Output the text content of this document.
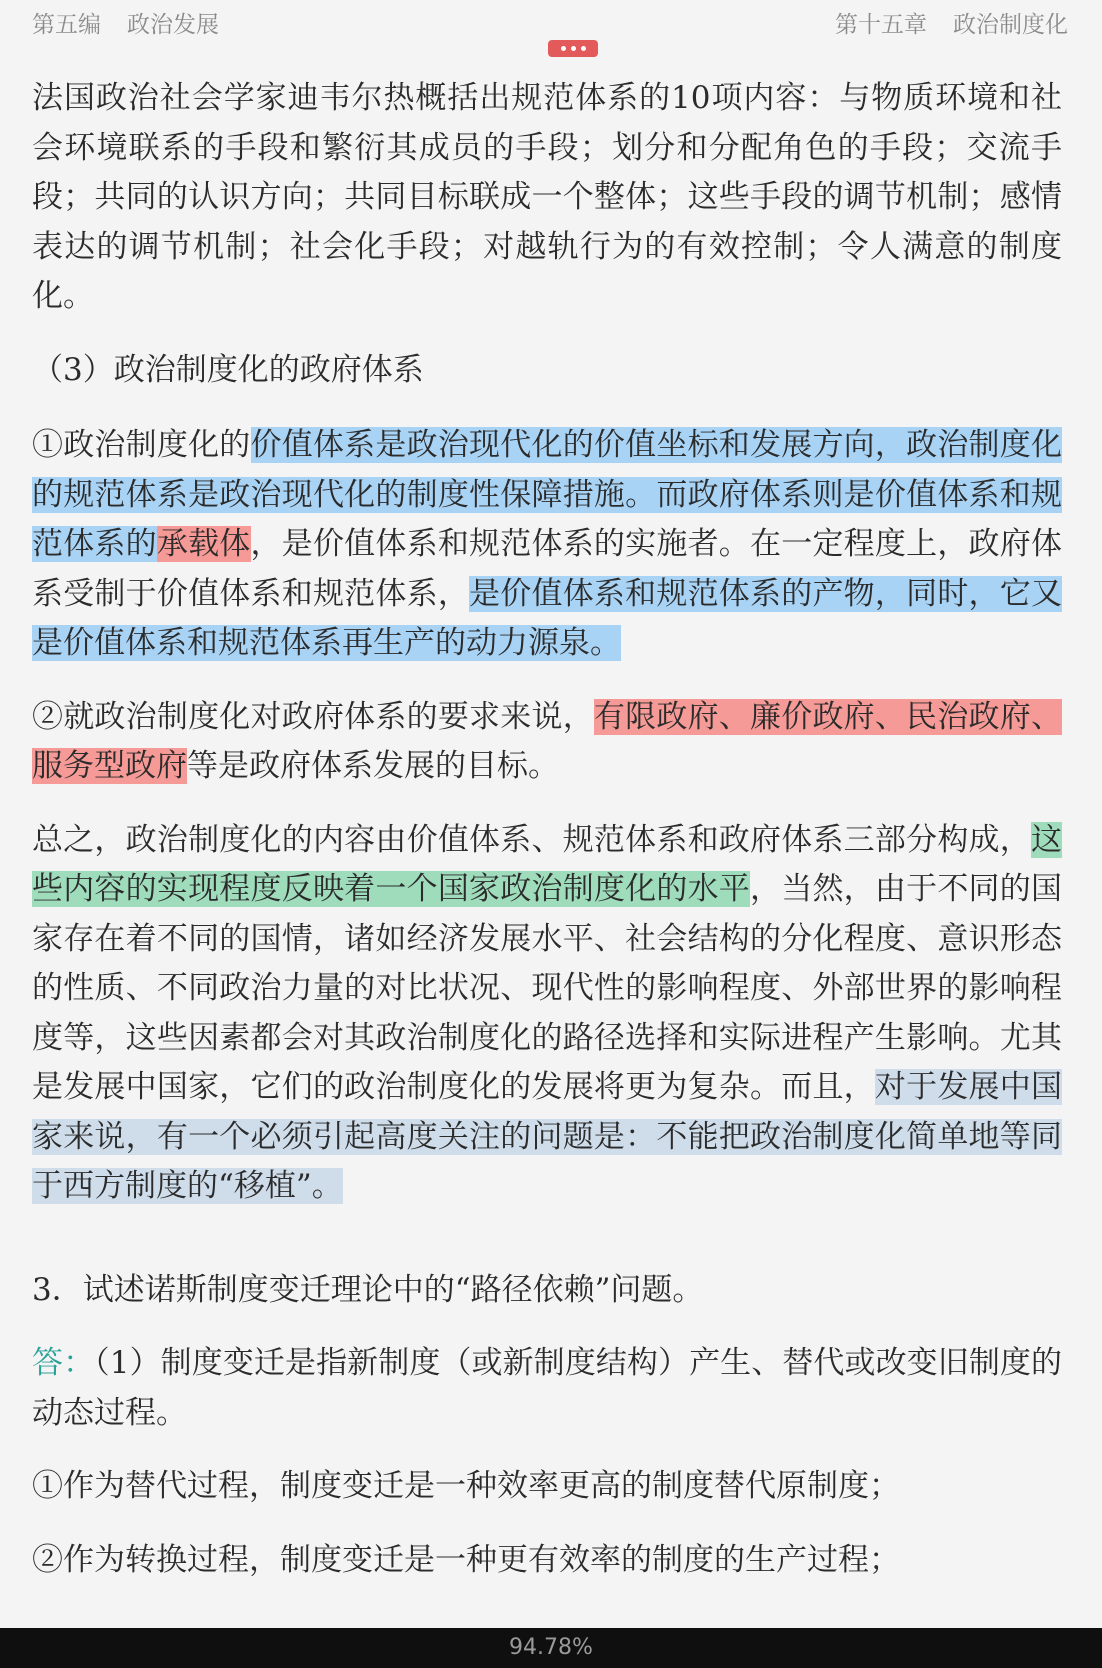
第五编 政治发展	第十五章 政治制度化

法国政治社会学家迪韦尔热概括出规范体系的10项内容：与物质环境和社会环境联系的手段和繁衍其成员的手段；划分和分配角色的手段；交流手段；共同的认识方向；共同目标联成一个整体；这些手段的调节机制；感情表达的调节机制；社会化手段；对越轨行为的有效控制；令人满意的制度化。

（3）政治制度化的政府体系

①政治制度化的价值体系是政治现代化的价值坐标和发展方向，政治制度化的规范体系是政治现代化的制度性保障措施。而政府体系则是价值体系和规范体系的承载体，是价值体系和规范体系的实施者。在一定程度上，政府体系受制于价值体系和规范体系，是价值体系和规范体系的产物，同时，它又是价值体系和规范体系再生产的动力源泉。

②就政治制度化对政府体系的要求来说，有限政府、廉价政府、民治政府、服务型政府等是政府体系发展的目标。

总之，政治制度化的内容由价值体系、规范体系和政府体系三部分构成，这些内容的实现程度反映着一个国家政治制度化的水平，当然，由于不同的国家存在着不同的国情，诸如经济发展水平、社会结构的分化程度、意识形态的性质、不同政治力量的对比状况、现代性的影响程度、外部世界的影响程度等，这些因素都会对其政治制度化的路径选择和实际进程产生影响。尤其是发展中国家，它们的政治制度化的发展将更为复杂。而且，对于发展中国家来说，有一个必须引起高度关注的问题是：不能把政治制度化简单地等同于西方制度的“移植”。

3．试述诺斯制度变迁理论中的“路径依赖”问题。

答：（1）制度变迁是指新制度（或新制度结构）产生、替代或改变旧制度的动态过程。

①作为替代过程，制度变迁是一种效率更高的制度替代原制度；

②作为转换过程，制度变迁是一种更有效率的制度的生产过程；

94.78%
